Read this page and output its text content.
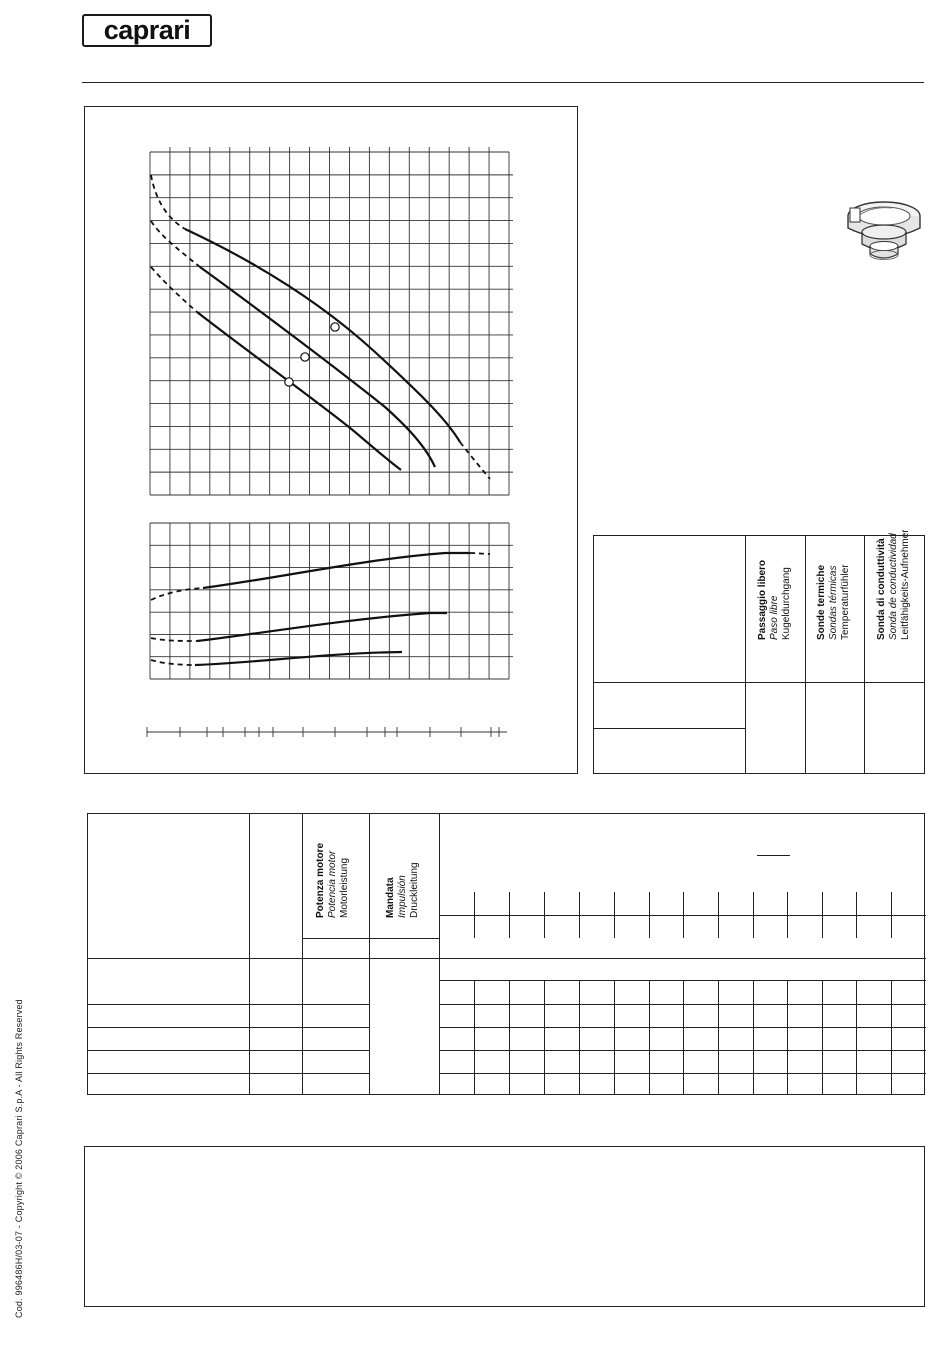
caprari
Passaggio libero Paso libre Kugeldurchgang Sonde termiche Sondas térmicas Temperaturfühler	Sonda di conduttività Sonda de conductividad Leitfähigkeits-Aufnehmer
Potenza motore Potencia motor Motorleistung	Mandata Impulsión Druckleitung
Cod. 996486H/03-07 - Copyright © 2006 Caprari S.p.A - All Rights Reserved
